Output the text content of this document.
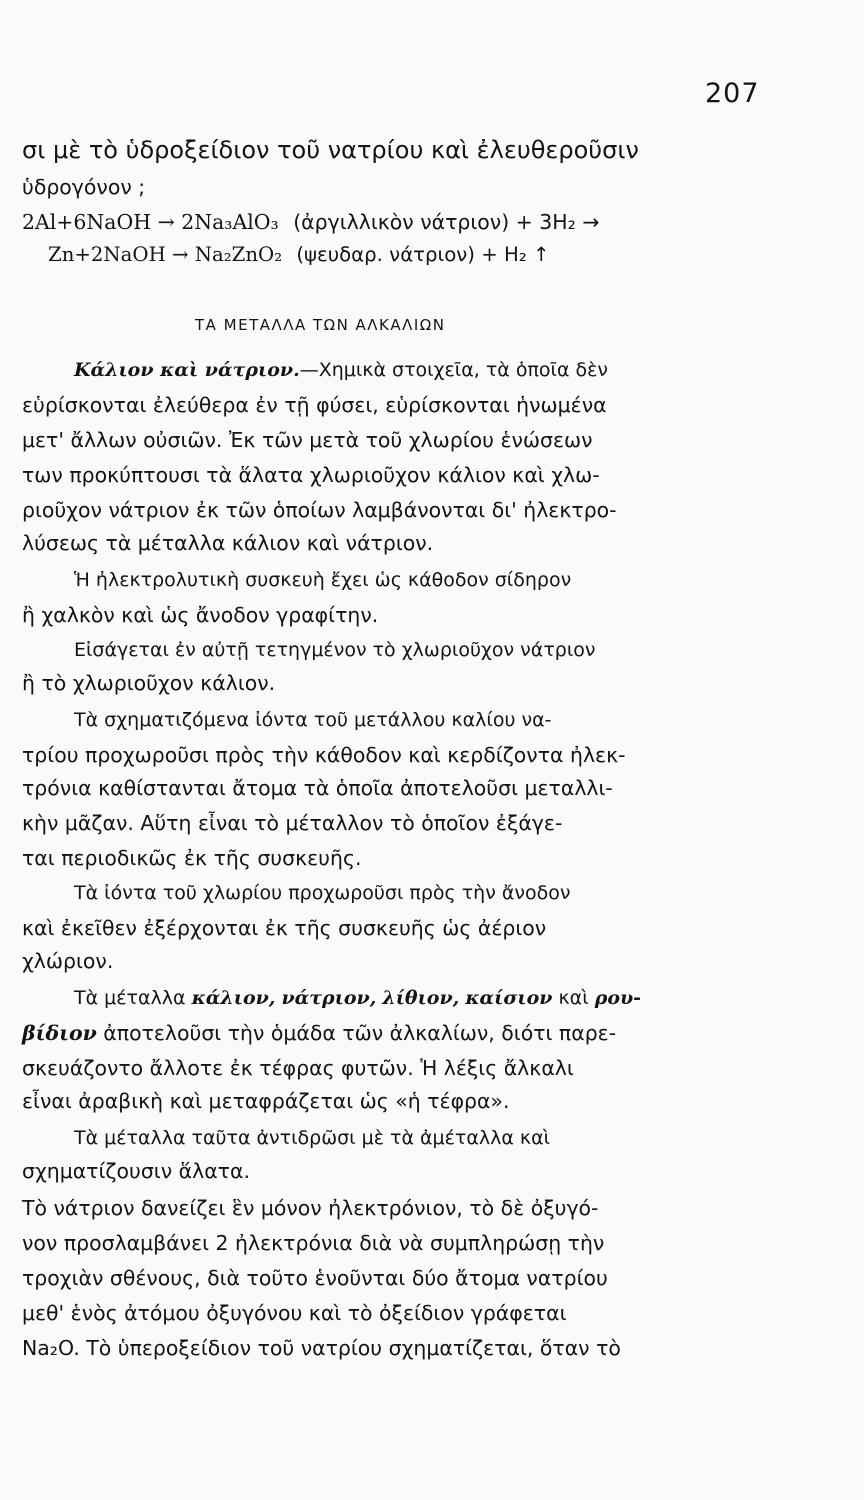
207
σι μὲ τὸ ὑδροξείδιον τοῦ νατρίου καὶ ἐλευθεροῦσιν
ὑδρογόνον ;
2Al+6NaOH → 2Na₃AlO₃ (ἀργιλλικὸν νάτριον) + 3H₂ →
Zn+2NaOH → Na₂ZnO₂ (ψευδαρ. νάτριον) + H₂ ↑
ΤΑ ΜΕΤΑΛΛΑ ΤΩΝ ΑΛΚΑΛΙΩΝ
Κάλιον καὶ νάτριον.—Χημικὰ στοιχεῖα, τὰ ὁποῖα δὲν
εὑρίσκονται ἐλεύθερα ἐν τῇ φύσει, εὑρίσκονται ἡνωμένα
μετ' ἄλλων οὐσιῶν. Ἐκ τῶν μετὰ τοῦ χλωρίου ἑνώσεων
των προκύπτουσι τὰ ἅλατα χλωριοῦχον κάλιον καὶ χλω-
ριοῦχον νάτριον ἐκ τῶν ὁποίων λαμβάνονται δι' ἠλεκτρο-
λύσεως τὰ μέταλλα κάλιον καὶ νάτριον.
Ἡ ἠλεκτρολυτικὴ συσκευὴ ἔχει ὡς κάθοδον σίδηρον
ἢ χαλκὸν καὶ ὡς ἄνοδον γραφίτην.
Εἰσάγεται ἐν αὐτῇ τετηγμένον τὸ χλωριοῦχον νάτριον
ἢ τὸ χλωριοῦχον κάλιον.
Τὰ σχηματιζόμενα ἰόντα τοῦ μετάλλου καλίου να-
τρίου προχωροῦσι πρὸς τὴν κάθοδον καὶ κερδίζοντα ἠλεκ-
τρόνια καθίστανται ἄτομα τὰ ὁποῖα ἀποτελοῦσι μεταλλι-
κὴν μᾶζαν. Αὕτη εἶναι τὸ μέταλλον τὸ ὁποῖον ἐξάγε-
ται περιοδικῶς ἐκ τῆς συσκευῆς.
Τὰ ἰόντα τοῦ χλωρίου προχωροῦσι πρὸς τὴν ἄνοδον
καὶ ἐκεῖθεν ἐξέρχονται ἐκ τῆς συσκευῆς ὡς ἀέριον
χλώριον.
Τὰ μέταλλα κάλιον, νάτριον, λίθιον, καίσιον καὶ ρου-
βίδιον ἀποτελοῦσι τὴν ὁμάδα τῶν ἀλκαλίων, διότι παρε-
σκευάζοντο ἄλλοτε ἐκ τέφρας φυτῶν. Ἡ λέξις ἄλκαλι
εἶναι ἀραβικὴ καὶ μεταφράζεται ὡς «ἡ τέφρα».
Τὰ μέταλλα ταῦτα ἀντιδρῶσι μὲ τὰ ἀμέταλλα καὶ
σχηματίζουσιν ἅλατα.
Τὸ νάτριον δανείζει ἓν μόνον ἠλεκτρόνιον, τὸ δὲ ὀξυγό-
νον προσλαμβάνει 2 ἠλεκτρόνια διὰ νὰ συμπληρώσῃ τὴν
τροχιὰν σθένους, διὰ τοῦτο ἑνοῦνται δύο ἄτομα νατρίου
μεθ' ἑνὸς ἀτόμου ὀξυγόνου καὶ τὸ ὀξείδιον γράφεται
Na₂O. Τὸ ὑπεροξείδιον τοῦ νατρίου σχηματίζεται, ὅταν τὸ
